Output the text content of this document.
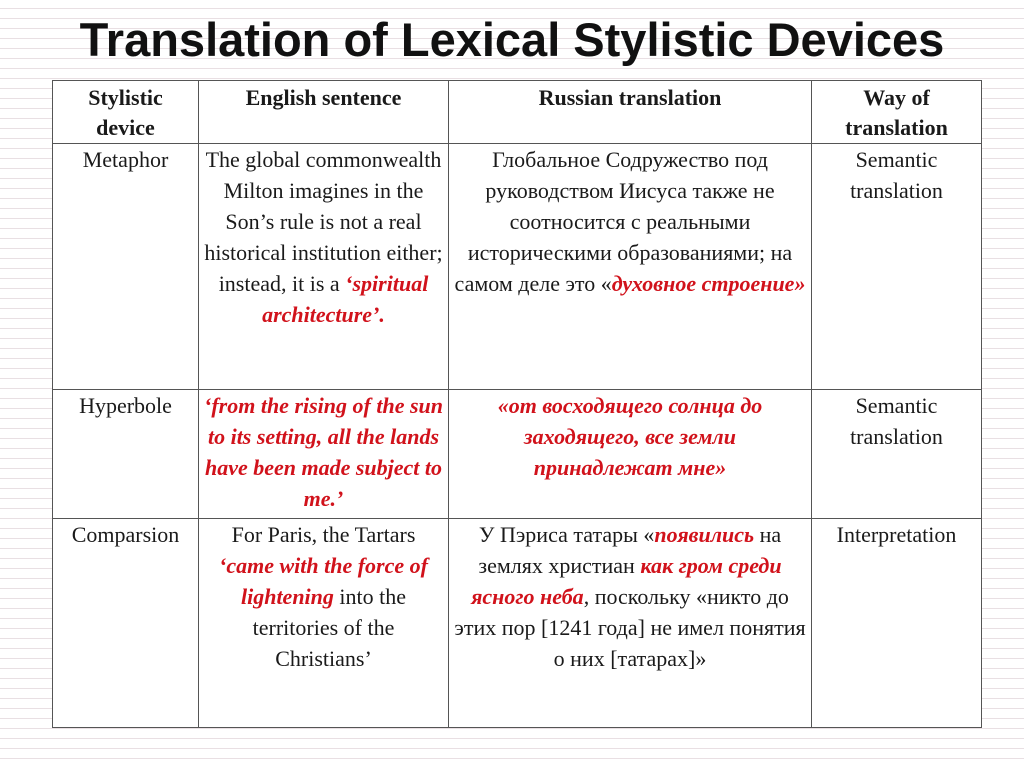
Translation of Lexical Stylistic Devices
Stylistic device	English sentence	Russian translation	Way of translation
Metaphor	The global commonwealth Milton imagines in the Son’s rule is not a real historical institution either; instead, it is a ‘spiritual architecture’.	Глобальное Содружество под руководством Иисуса также не соотносится с реальными историческими образованиями; на самом деле это «духовное строение»	Semantic translation
Hyperbole	‘from the rising of the sun to its setting, all the lands have been made subject to me.’	«от восходящего солнца до заходящего, все земли принадлежат мне»	Semantic translation
Comparsion	For Paris, the Tartars ‘came with the force of lightening into the territories of the Christians’	У Пэриса татары «появились на землях христиан как гром среди ясного неба, поскольку «никто до этих пор [1241 года] не имел понятия о них [татарах]»	Interpretation
